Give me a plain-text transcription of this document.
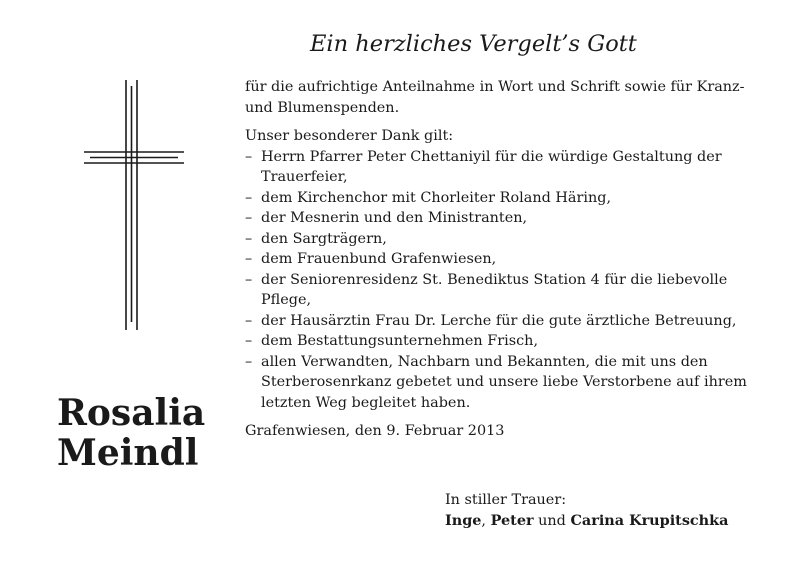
Ein herzliches Vergelt’s Gott
Rosalia
Meindl

für die aufrichtige Anteilnahme in Wort und Schrift sowie für Kranz- und Blumenspenden.

Unser besonderer Dank gilt:

– Herrn Pfarrer Peter Chettaniyil für die würdige Gestaltung der Trauerfeier,
– dem Kirchenchor mit Chorleiter Roland Häring,
– der Mesnerin und den Ministranten,
– den Sargträgern,
– dem Frauenbund Grafenwiesen,
– der Seniorenresidenz St. Benediktus Station 4 für die liebevolle Pflege,
– der Hausärztin Frau Dr. Lerche für die gute ärztliche Betreuung,
– dem Bestattungsunternehmen Frisch,
– allen Verwandten, Nachbarn und Bekannten, die mit uns den Sterberosenrkanz gebetet und unsere liebe Verstorbene auf ihrem letzten Weg begleitet haben.

Grafenwiesen, den 9. Februar 2013

In stiller Trauer:
Inge, Peter und Carina Krupitschka
